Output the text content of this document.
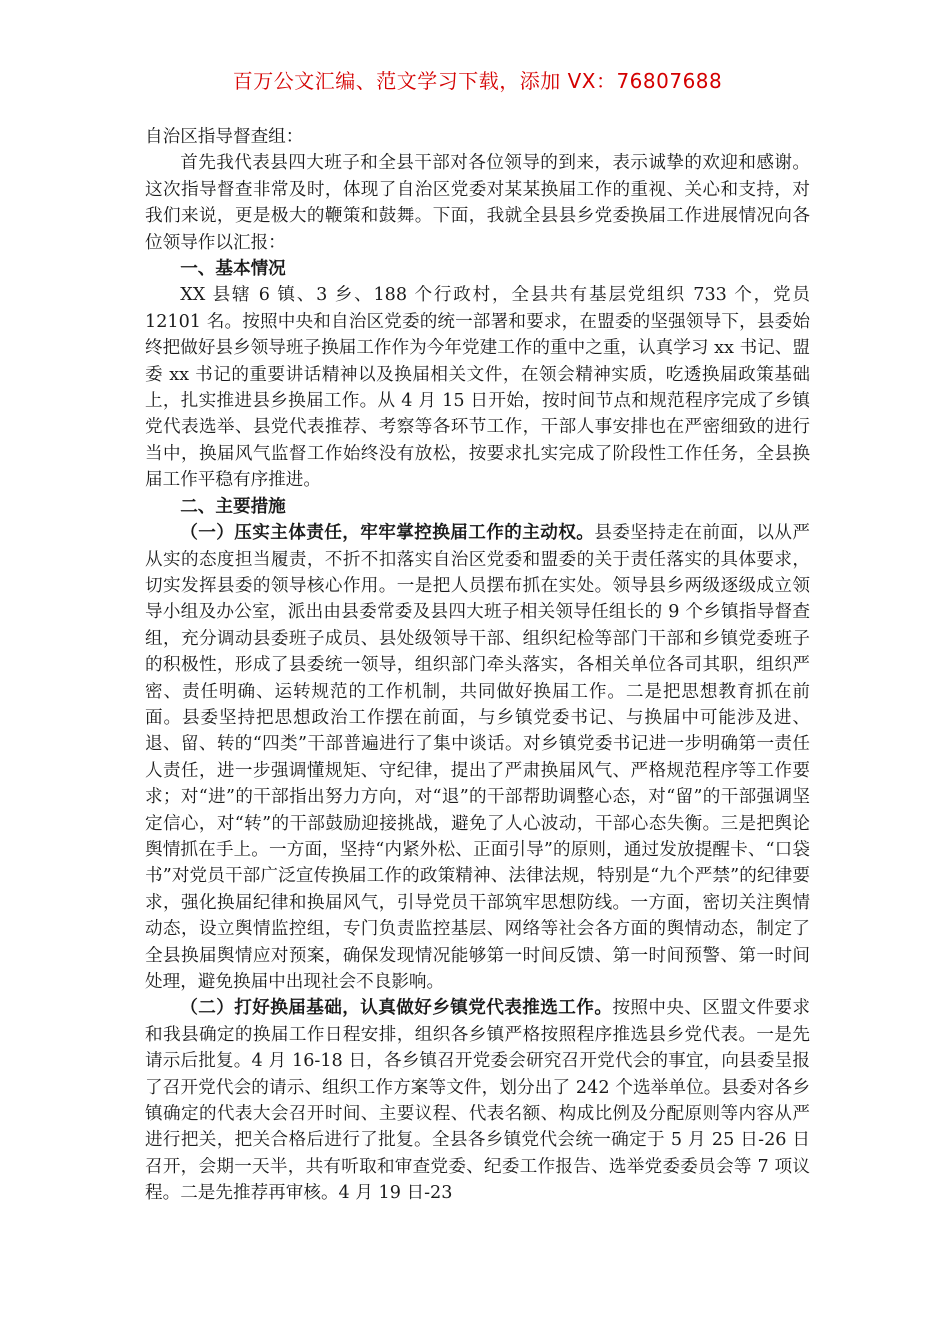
百万公文汇编、范文学习下载，添加 VX：76807688

自治区指导督查组：

首先我代表县四大班子和全县干部对各位领导的到来，表示诚挚的欢迎和感谢。这次指导督查非常及时，体现了自治区党委对某某换届工作的重视、关心和支持，对我们来说，更是极大的鞭策和鼓舞。下面，我就全县县乡党委换届工作进展情况向各位领导作以汇报：

一、基本情况

XX 县辖 6 镇、3 乡、188 个行政村，全县共有基层党组织 733 个，党员 12101 名。按照中央和自治区党委的统一部署和要求，在盟委的坚强领导下，县委始终把做好县乡领导班子换届工作作为今年党建工作的重中之重，认真学习 xx 书记、盟委 xx 书记的重要讲话精神以及换届相关文件，在领会精神实质，吃透换届政策基础上，扎实推进县乡换届工作。从 4 月 15 日开始，按时间节点和规范程序完成了乡镇党代表选举、县党代表推荐、考察等各环节工作，干部人事安排也在严密细致的进行当中，换届风气监督工作始终没有放松，按要求扎实完成了阶段性工作任务，全县换届工作平稳有序推进。

二、主要措施

（一）压实主体责任，牢牢掌控换届工作的主动权。县委坚持走在前面，以从严从实的态度担当履责，不折不扣落实自治区党委和盟委的关于责任落实的具体要求，切实发挥县委的领导核心作用。一是把人员摆布抓在实处。领导县乡两级逐级成立领导小组及办公室，派出由县委常委及县四大班子相关领导任组长的 9 个乡镇指导督查组，充分调动县委班子成员、县处级领导干部、组织纪检等部门干部和乡镇党委班子的积极性，形成了县委统一领导，组织部门牵头落实，各相关单位各司其职，组织严密、责任明确、运转规范的工作机制，共同做好换届工作。二是把思想教育抓在前面。县委坚持把思想政治工作摆在前面，与乡镇党委书记、与换届中可能涉及进、退、留、转的“四类”干部普遍进行了集中谈话。对乡镇党委书记进一步明确第一责任人责任，进一步强调懂规矩、守纪律，提出了严肃换届风气、严格规范程序等工作要求；对“进”的干部指出努力方向，对“退”的干部帮助调整心态，对“留”的干部强调坚定信心，对“转”的干部鼓励迎接挑战，避免了人心波动，干部心态失衡。三是把舆论舆情抓在手上。一方面，坚持“内紧外松、正面引导”的原则，通过发放提醒卡、“口袋书”对党员干部广泛宣传换届工作的政策精神、法律法规，特别是“九个严禁”的纪律要求，强化换届纪律和换届风气，引导党员干部筑牢思想防线。一方面，密切关注舆情动态，设立舆情监控组，专门负责监控基层、网络等社会各方面的舆情动态，制定了全县换届舆情应对预案，确保发现情况能够第一时间反馈、第一时间预警、第一时间处理，避免换届中出现社会不良影响。

（二）打好换届基础，认真做好乡镇党代表推选工作。按照中央、区盟文件要求和我县确定的换届工作日程安排，组织各乡镇严格按照程序推选县乡党代表。一是先请示后批复。4 月 16-18 日，各乡镇召开党委会研究召开党代会的事宜，向县委呈报了召开党代会的请示、组织工作方案等文件，划分出了 242 个选举单位。县委对各乡镇确定的代表大会召开时间、主要议程、代表名额、构成比例及分配原则等内容从严进行把关，把关合格后进行了批复。全县各乡镇党代会统一确定于 5 月 25 日-26 日召开，会期一天半，共有听取和审查党委、纪委工作报告、选举党委委员会等 7 项议程。二是先推荐再审核。4 月 19 日-23
